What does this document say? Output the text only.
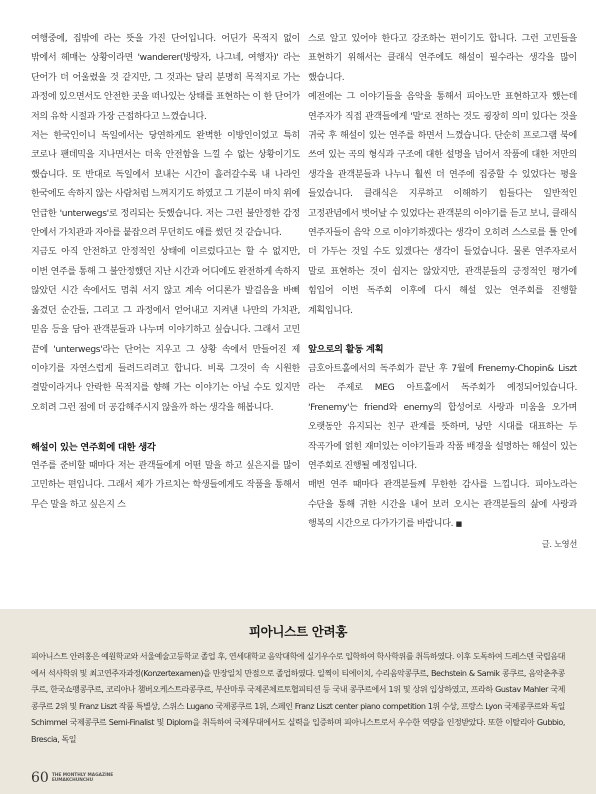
여행중에, 집밖에 라는 뜻을 가진 단어입니다. 어딘가 목적지 없이 밖에서 헤매는 상황이라면 'wanderer(방랑자, 나그네, 여행자)' 라는 단어가 더 어울렸을 것 같지만, 그 것과는 달리 분명히 목적지로 가는 과정에 있으면서도 안전한 곳을 떠나있는 상태를 표현하는 이 한 단어가 저의 유학 시절과 가장 근접하다고 느꼈습니다.

저는 한국인이니 독일에서는 당연하게도 완벽한 이방인이었고 특히 코로나 팬데믹을 지나면서는 더욱 안전함을 느낄 수 없는 상황이기도 했습니다. 또 반대로 독일에서 보내는 시간이 흘러갈수록 내 나라인 한국에도 속하지 않는 사람처럼 느껴지기도 하였고 그 기분이 마치 위에 언급한 'unterwegs'로 정리되는 듯했습니다. 저는 그런 불안정한 감정 안에서 가치관과 자아를 붙잡으려 무던히도 애를 썼던 것 같습니다.

지금도 아직 안전하고 안정적인 상태에 이르렀다고는 할 수 없지만, 이번 연주를 통해 그 불안정했던 지난 시간과 어디에도 완전하게 속하지 않았던 시간 속에서도 멈춰 서지 않고 계속 어디론가 발걸음을 바삐 옮겼던 순간들, 그리고 그 과정에서 얻어내고 지켜낸 나만의 가치관, 믿음 등을 담아 관객분들과 나누며 이야기하고 싶습니다. 그래서 고민 끝에 'unterwegs'라는 단어는 지우고 그 상황 속에서 만들어진 제 이야기를 자연스럽게 들려드리려고 합니다. 비록 그것이 속 시원한 결말이라거나 안락한 목적지를 향해 가는 이야기는 아닐 수도 있지만 오히려 그런 점에 더 공감해주시지 않을까 하는 생각을 해봅니다.

해설이 있는 연주회에 대한 생각

연주를 준비할 때마다 저는 관객들에게 어떤 말을 하고 싶은지를 많이 고민하는 편입니다. 그래서 제가 가르치는 학생들에게도 작품을 통해서 무슨 말을 하고 싶은지 스

스로 알고 있어야 한다고 강조하는 편이기도 합니다. 그런 고민들을 표현하기 위해서는 클래식 연주에도 해설이 필수라는 생각을 많이 했습니다.

예전에는 그 이야기들을 음악을 통해서 피아노만 표현하고자 했는데 연주자가 직접 관객들에게 '말'로 전하는 것도 굉장히 의미 있다는 것을 귀국 후 해설이 있는 연주를 하면서 느꼈습니다. 단순히 프로그램 북에 쓰여 있는 곡의 형식과 구조에 대한 설명을 넘어서 작품에 대한 저만의 생각을 관객분들과 나누니 훨씬 더 연주에 집중할 수 있었다는 평을 들었습니다. 클래식은 지루하고 이해하기 힘들다는 일반적인 고정관념에서 벗어날 수 있었다는 관객분의 이야기를 듣고 보니, 클래식 연주자들이 음악 으로 이야기하겠다는 생각이 오히려 스스로를 틀 안에 더 가두는 것일 수도 있겠다는 생각이 들었습니다. 물론 연주자로서 말로 표현하는 것이 쉽지는 않았지만, 관객분들의 긍정적인 평가에 힘입어 이번 독주회 이후에 다시 해설 있는 연주회를 진행할 계획입니다.

앞으로의 활동 계획

금호아트홀에서의 독주회가 끝난 후 7월에 Frenemy-Chopin& Liszt 라는 주제로 MEG 아트홀에서 독주회가 예정되어있습니다. 'Frenemy'는 friend와 enemy의 합성어로 사랑과 미움을 오가며 오랫동안 유지되는 친구 관계를 뜻하며, 낭만 시대를 대표하는 두 작곡가에 얽힌 재미있는 이야기들과 작품 배경을 설명하는 해설이 있는 연주회로 진행될 예정입니다.

매번 연주 때마다 관객분들께 무한한 감사를 느낍니다. 피아노라는 수단을 통해 귀한 시간을 내어 보러 오시는 관객분들의 삶에 사랑과 행복의 시간으로 다가가기를 바랍니다. ■

글. 노영선
피아니스트 안려홍
피아니스트 안려홍은 예원학교와 서울예술고등학교 졸업 후, 연세대학교 음악대학에 실기우수로 입학하여 학사학위를 취득하였다. 이후 도독하여 드레스덴 국립음대에서 석사학위 및 최고연주자과정(Konzertexamen)을 만장일치 만점으로 졸업하였다. 일찍이 티에이치, 수리음악콩쿠르, Bechstein & Samik 콩쿠르, 음악춘추콩쿠르, 한국쇼팽콩쿠르, 코리아나 챔버오케스트라콩쿠르, 부산마루 국제콘체르토협피티션 등 국내 콩쿠르에서 1위 및 상위 입상하였고, 프라하 Gustav Mahler 국제콩쿠르 2위 및 Franz Liszt 작품 특별상, 스위스 Lugano 국제콩쿠르 1위, 스페인 Franz Liszt center piano competition 1위 수상, 프랑스 Lyon 국제콩쿠르와 독일 Schimmel 국제콩쿠르 Semi-Finalist 및 Diplom을 취득하여 국제무대에서도 실력을 입증하며 피아니스트로서 우수한 역량을 인정받았다. 또한 이탈리아 Gubbio, Brescia, 독일
60 THE MONTHLY MAGAZINE
EUMAKCHUNCHU
